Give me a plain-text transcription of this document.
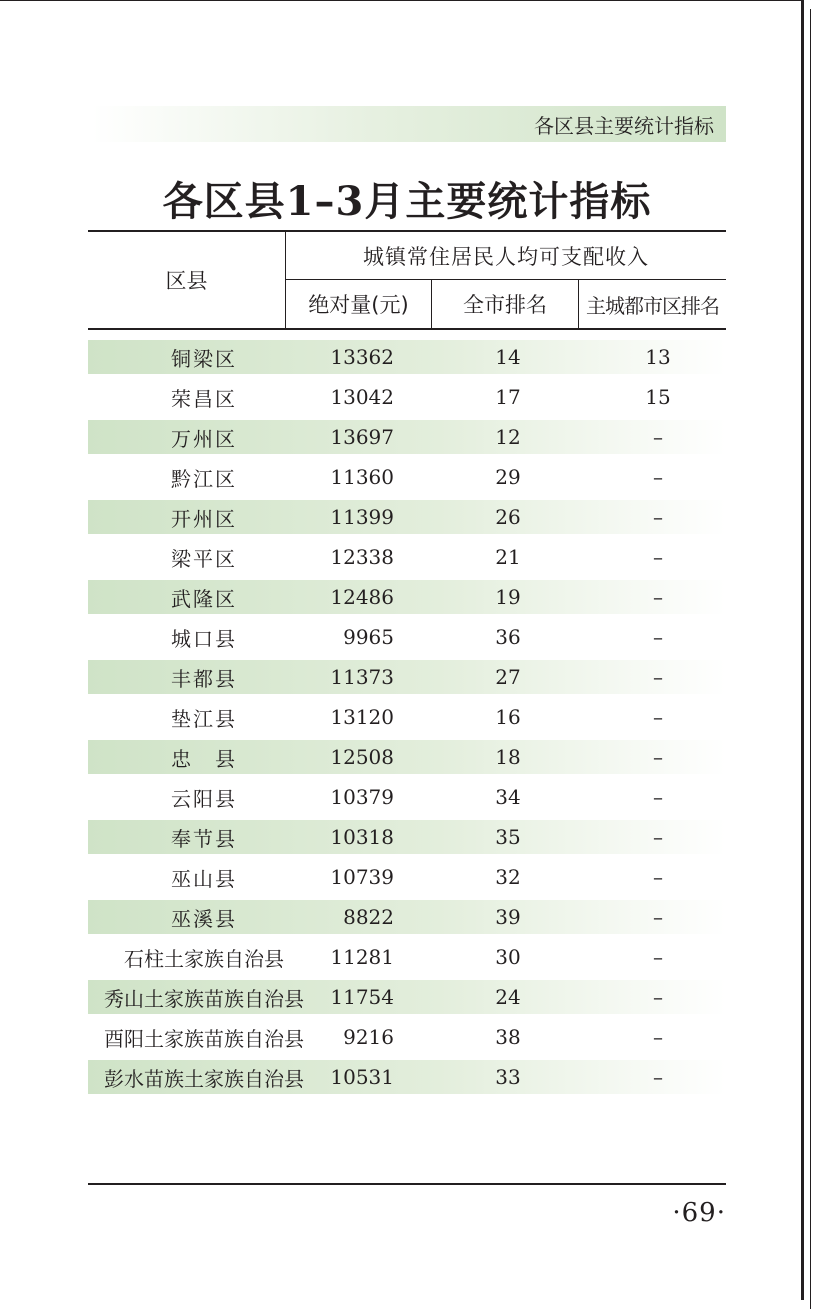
各区县主要统计指标
各区县1–3月主要统计指标
区县
城镇常住居民人均可支配收入
绝对量(元)	全市排名	主城都市区排名
铜梁区	13362	14	13
荣昌区	13042	17	15
万州区	13697	12	–
黔江区	11360	29	–
开州区	11399	26	–
梁平区	12338	21	–
武隆区	12486	19	–
城口县	9965	36	–
丰都县	11373	27	–
垫江县	13120	16	–
忠　县	12508	18	–
云阳县	10379	34	–
奉节县	10318	35	–
巫山县	10739	32	–
巫溪县	8822	39	–
石柱土家族自治县	11281	30	–
秀山土家族苗族自治县	11754	24	–
酉阳土家族苗族自治县	9216	38	–
彭水苗族土家族自治县	10531	33	–
·69·
